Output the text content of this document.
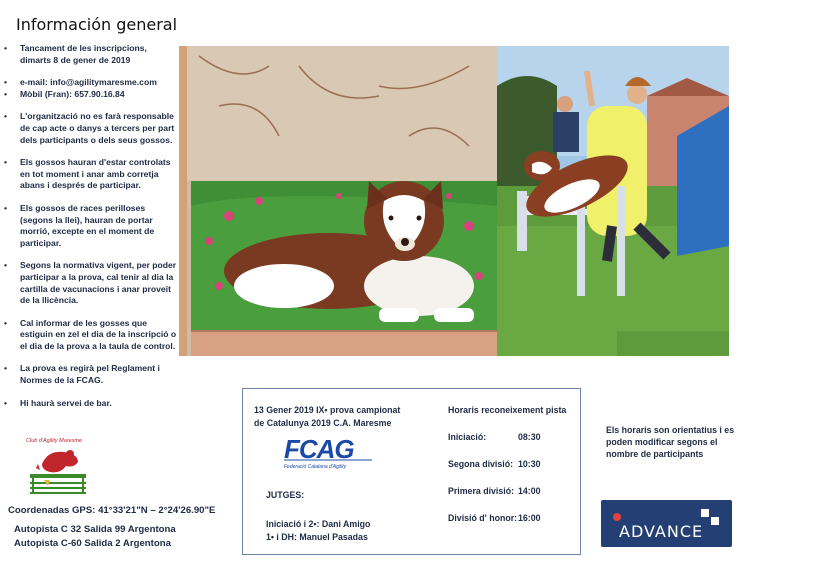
Información general
• Tancament de les inscripcions, dimarts 8 de gener de 2019
• e-mail: info@agilitymaresme.com
• Mòbil (Fran): 657.90.16.84
• L'organització no es farà responsable de cap acte o danys a tercers per part dels participants o dels seus gossos.
• Els gossos hauran d'estar controlats en tot moment i anar amb corretja abans i després de participar.
• Els gossos de races perilloses (segons la llei), hauran de portar morrió, excepte en el moment de participar.
• Segons la normativa vigent, per poder participar a la prova, cal tenir al dia la cartilla de vacunacions i anar proveït de la llicència.
• Cal informar de les gosses que estiguin en zel el dia de la inscripció o el dia de la prova a la taula de control.
• La prova es regirà pel Reglament i Normes de la FCAG.
• Hi haurà servei de bar.
Club d'Agility Maresme
Coordenadas GPS: 41°33'21"N – 2°24'26.90"E
Autopista C 32 Salida 99 Argentona
Autopista C-60 Salida 2 Argentona
13 Gener 2019 IX• prova campionat
de Catalunya 2019 C.A. Maresme
FCAG
Federació Catalana d'Agility
JUTGES:
Iniciació i 2•: Dani Amigo
1• i DH: Manuel Pasadas
Horaris reconeixement pista
Iniciació:	08:30
Segona divisió: 10:30
Primera divisió: 14:00
Divisió d' honor: 16:00
Els horaris son orientatius i es poden modificar segons el nombre de participants
ADVANCE
